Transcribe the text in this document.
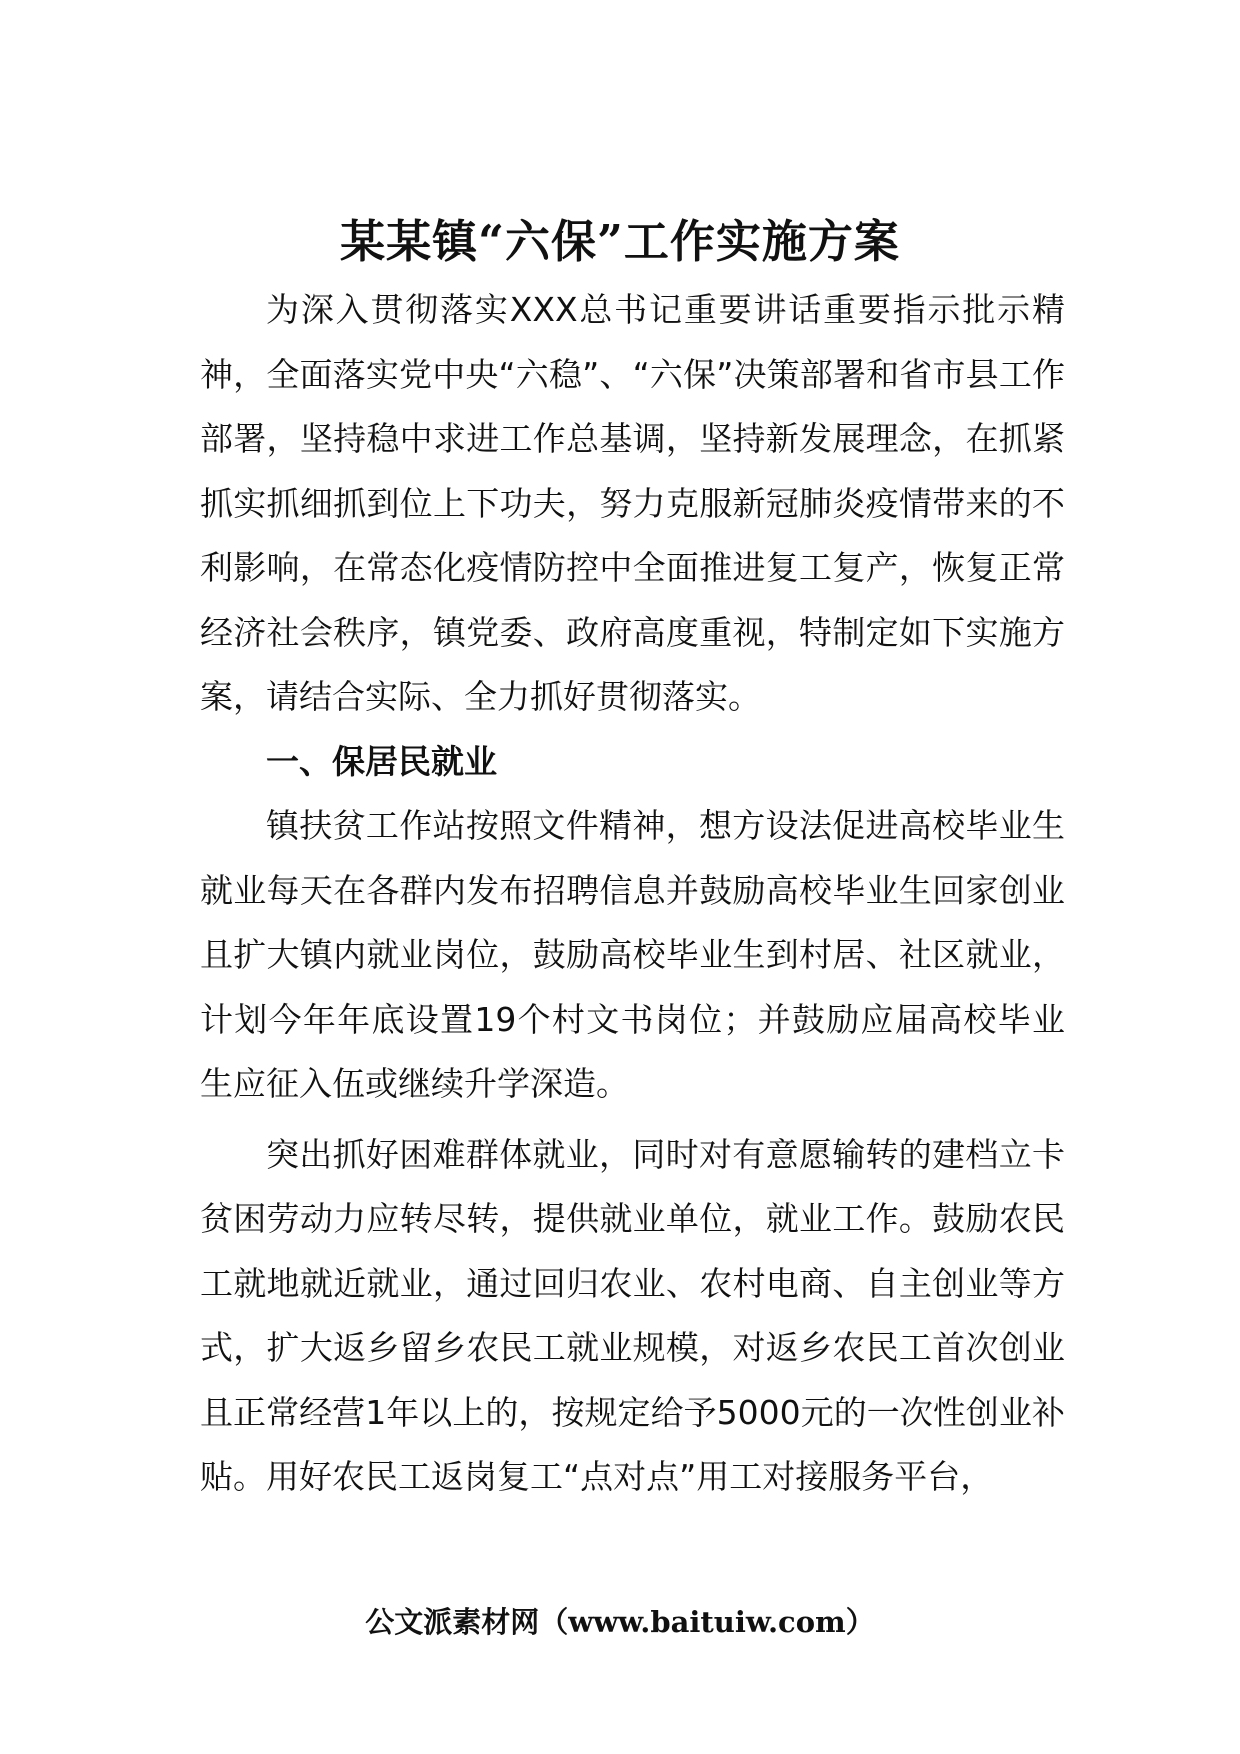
某某镇“六保”工作实施方案

为深入贯彻落实XXX总书记重要讲话重要指示批示精神，全面落实党中央“六稳”、“六保”决策部署和省市县工作部署，坚持稳中求进工作总基调，坚持新发展理念，在抓紧抓实抓细抓到位上下功夫，努力克服新冠肺炎疫情带来的不利影响，在常态化疫情防控中全面推进复工复产，恢复正常经济社会秩序，镇党委、政府高度重视，特制定如下实施方案，请结合实际、全力抓好贯彻落实。

一、保居民就业

镇扶贫工作站按照文件精神，想方设法促进高校毕业生就业每天在各群内发布招聘信息并鼓励高校毕业生回家创业且扩大镇内就业岗位，鼓励高校毕业生到村居、社区就业，计划今年年底设置19个村文书岗位；并鼓励应届高校毕业生应征入伍或继续升学深造。

突出抓好困难群体就业，同时对有意愿输转的建档立卡贫困劳动力应转尽转，提供就业单位，就业工作。鼓励农民工就地就近就业，通过回归农业、农村电商、自主创业等方式，扩大返乡留乡农民工就业规模，对返乡农民工首次创业且正常经营1年以上的，按规定给予5000元的一次性创业补贴。用好农民工返岗复工“点对点”用工对接服务平台，

公文派素材网（www.baituiw.com）
